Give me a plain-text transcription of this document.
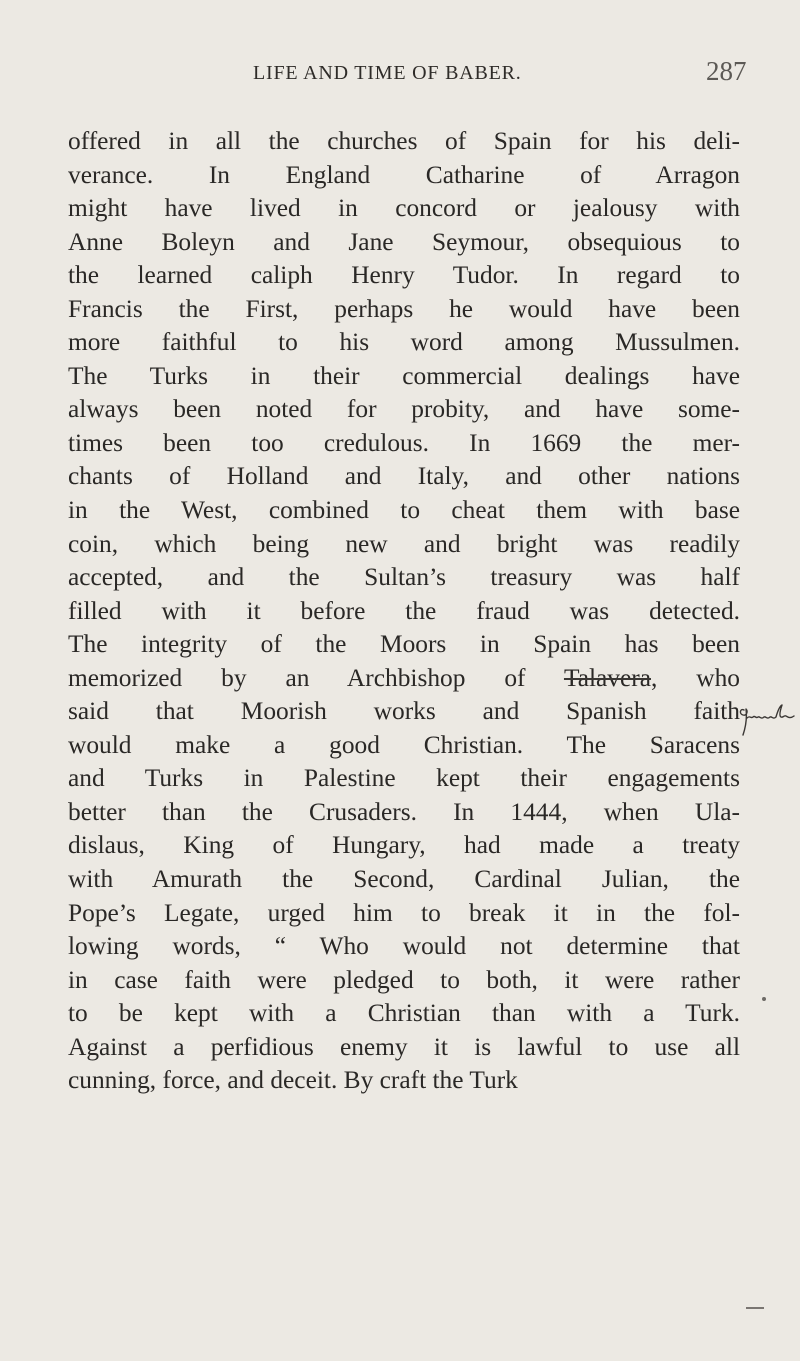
LIFE AND TIME OF BABER.	287
offered in all the churches of Spain for his deli-
verance. In England Catharine of Arragon
might have lived in concord or jealousy with
Anne Boleyn and Jane Seymour, obsequious to
the learned caliph Henry Tudor. In regard to
Francis the First, perhaps he would have been
more faithful to his word among Mussulmen.
The Turks in their commercial dealings have
always been noted for probity, and have some-
times been too credulous. In 1669 the mer-
chants of Holland and Italy, and other nations
in the West, combined to cheat them with base
coin, which being new and bright was readily
accepted, and the Sultan’s treasury was half
filled with it before the fraud was detected.
The integrity of the Moors in Spain has been
memorized by an Archbishop of Talavera, who
said that Moorish works and Spanish faith
would make a good Christian. The Saracens
and Turks in Palestine kept their engagements
better than the Crusaders. In 1444, when Ula-
dislaus, King of Hungary, had made a treaty
with Amurath the Second, Cardinal Julian, the
Pope’s Legate, urged him to break it in the fol-
lowing words, “ Who would not determine that
in case faith were pledged to both, it were rather
to be kept with a Christian than with a Turk.
Against a perfidious enemy it is lawful to use all
cunning, force, and deceit. By craft the Turk
